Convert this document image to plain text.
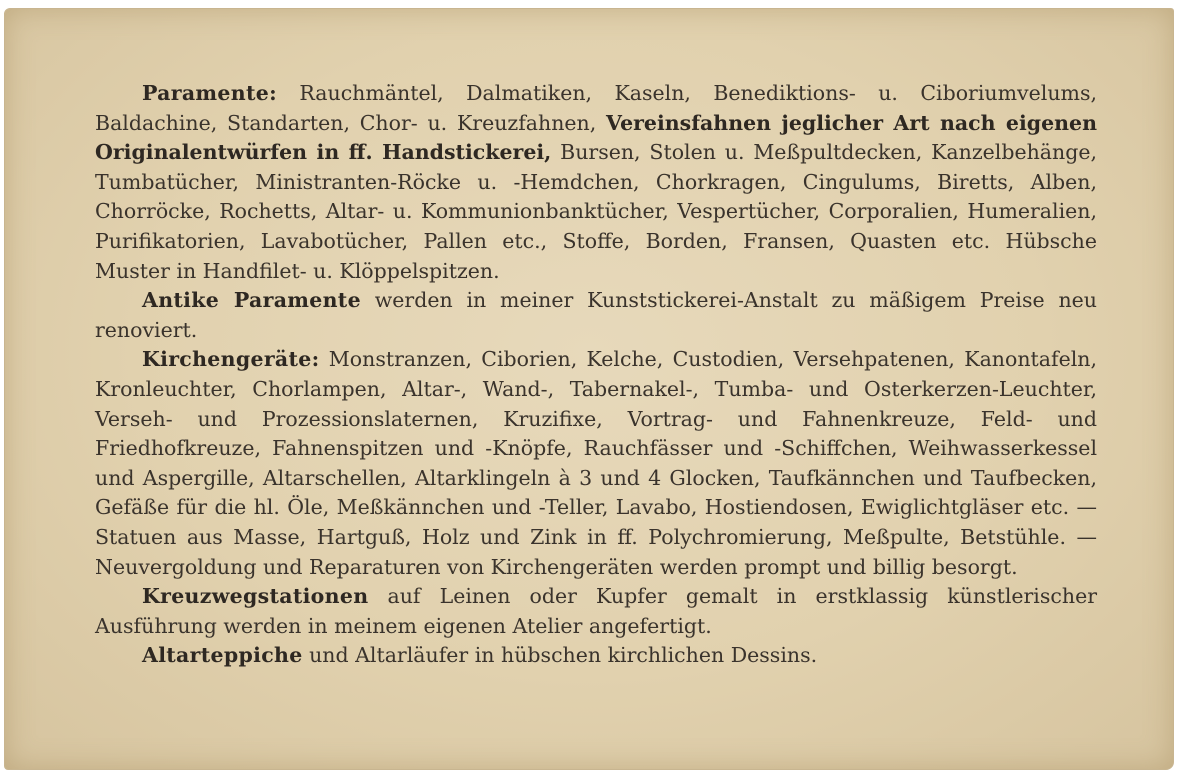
Paramente: Rauchmäntel, Dalmatiken, Kaseln, Benediktions- u. Ciboriumvelums, Baldachine, Standarten, Chor- u. Kreuzfahnen, Vereinsfahnen jeglicher Art nach eigenen Originalentwürfen in ff. Handstickerei, Bursen, Stolen u. Meßpultdecken, Kanzelbehänge, Tumbatücher, Ministranten-Röcke u. -Hemdchen, Chorkragen, Cingulums, Biretts, Alben, Chorröcke, Rochetts, Altar- u. Kommunionbanktücher, Vespertücher, Corporalien, Humeralien, Purifikatorien, Lavabotücher, Pallen etc., Stoffe, Borden, Fransen, Quasten etc. Hübsche Muster in Handfilet- u. Klöppelspitzen.

Antike Paramente werden in meiner Kunststickerei-Anstalt zu mäßigem Preise neu renoviert.

Kirchengeräte: Monstranzen, Ciborien, Kelche, Custodien, Versehpatenen, Kanontafeln, Kronleuchter, Chorlampen, Altar-, Wand-, Tabernakel-, Tumba- und Osterkerzen-Leuchter, Verseh- und Prozessionslaternen, Kruzifixe, Vortrag- und Fahnenkreuze, Feld- und Friedhofkreuze, Fahnenspitzen und -Knöpfe, Rauchfässer und -Schiffchen, Weihwasserkessel und Aspergille, Altarschellen, Altarklingeln à 3 und 4 Glocken, Taufkännchen und Taufbecken, Gefäße für die hl. Öle, Meßkännchen und -Teller, Lavabo, Hostiendosen, Ewiglichtgläser etc. — Statuen aus Masse, Hartguß, Holz und Zink in ff. Polychromierung, Meßpulte, Betstühle. — Neuvergoldung und Reparaturen von Kirchengeräten werden prompt und billig besorgt.

Kreuzwegstationen auf Leinen oder Kupfer gemalt in erstklassig künstlerischer Ausführung werden in meinem eigenen Atelier angefertigt.

Altarteppiche und Altarläufer in hübschen kirchlichen Dessins.
